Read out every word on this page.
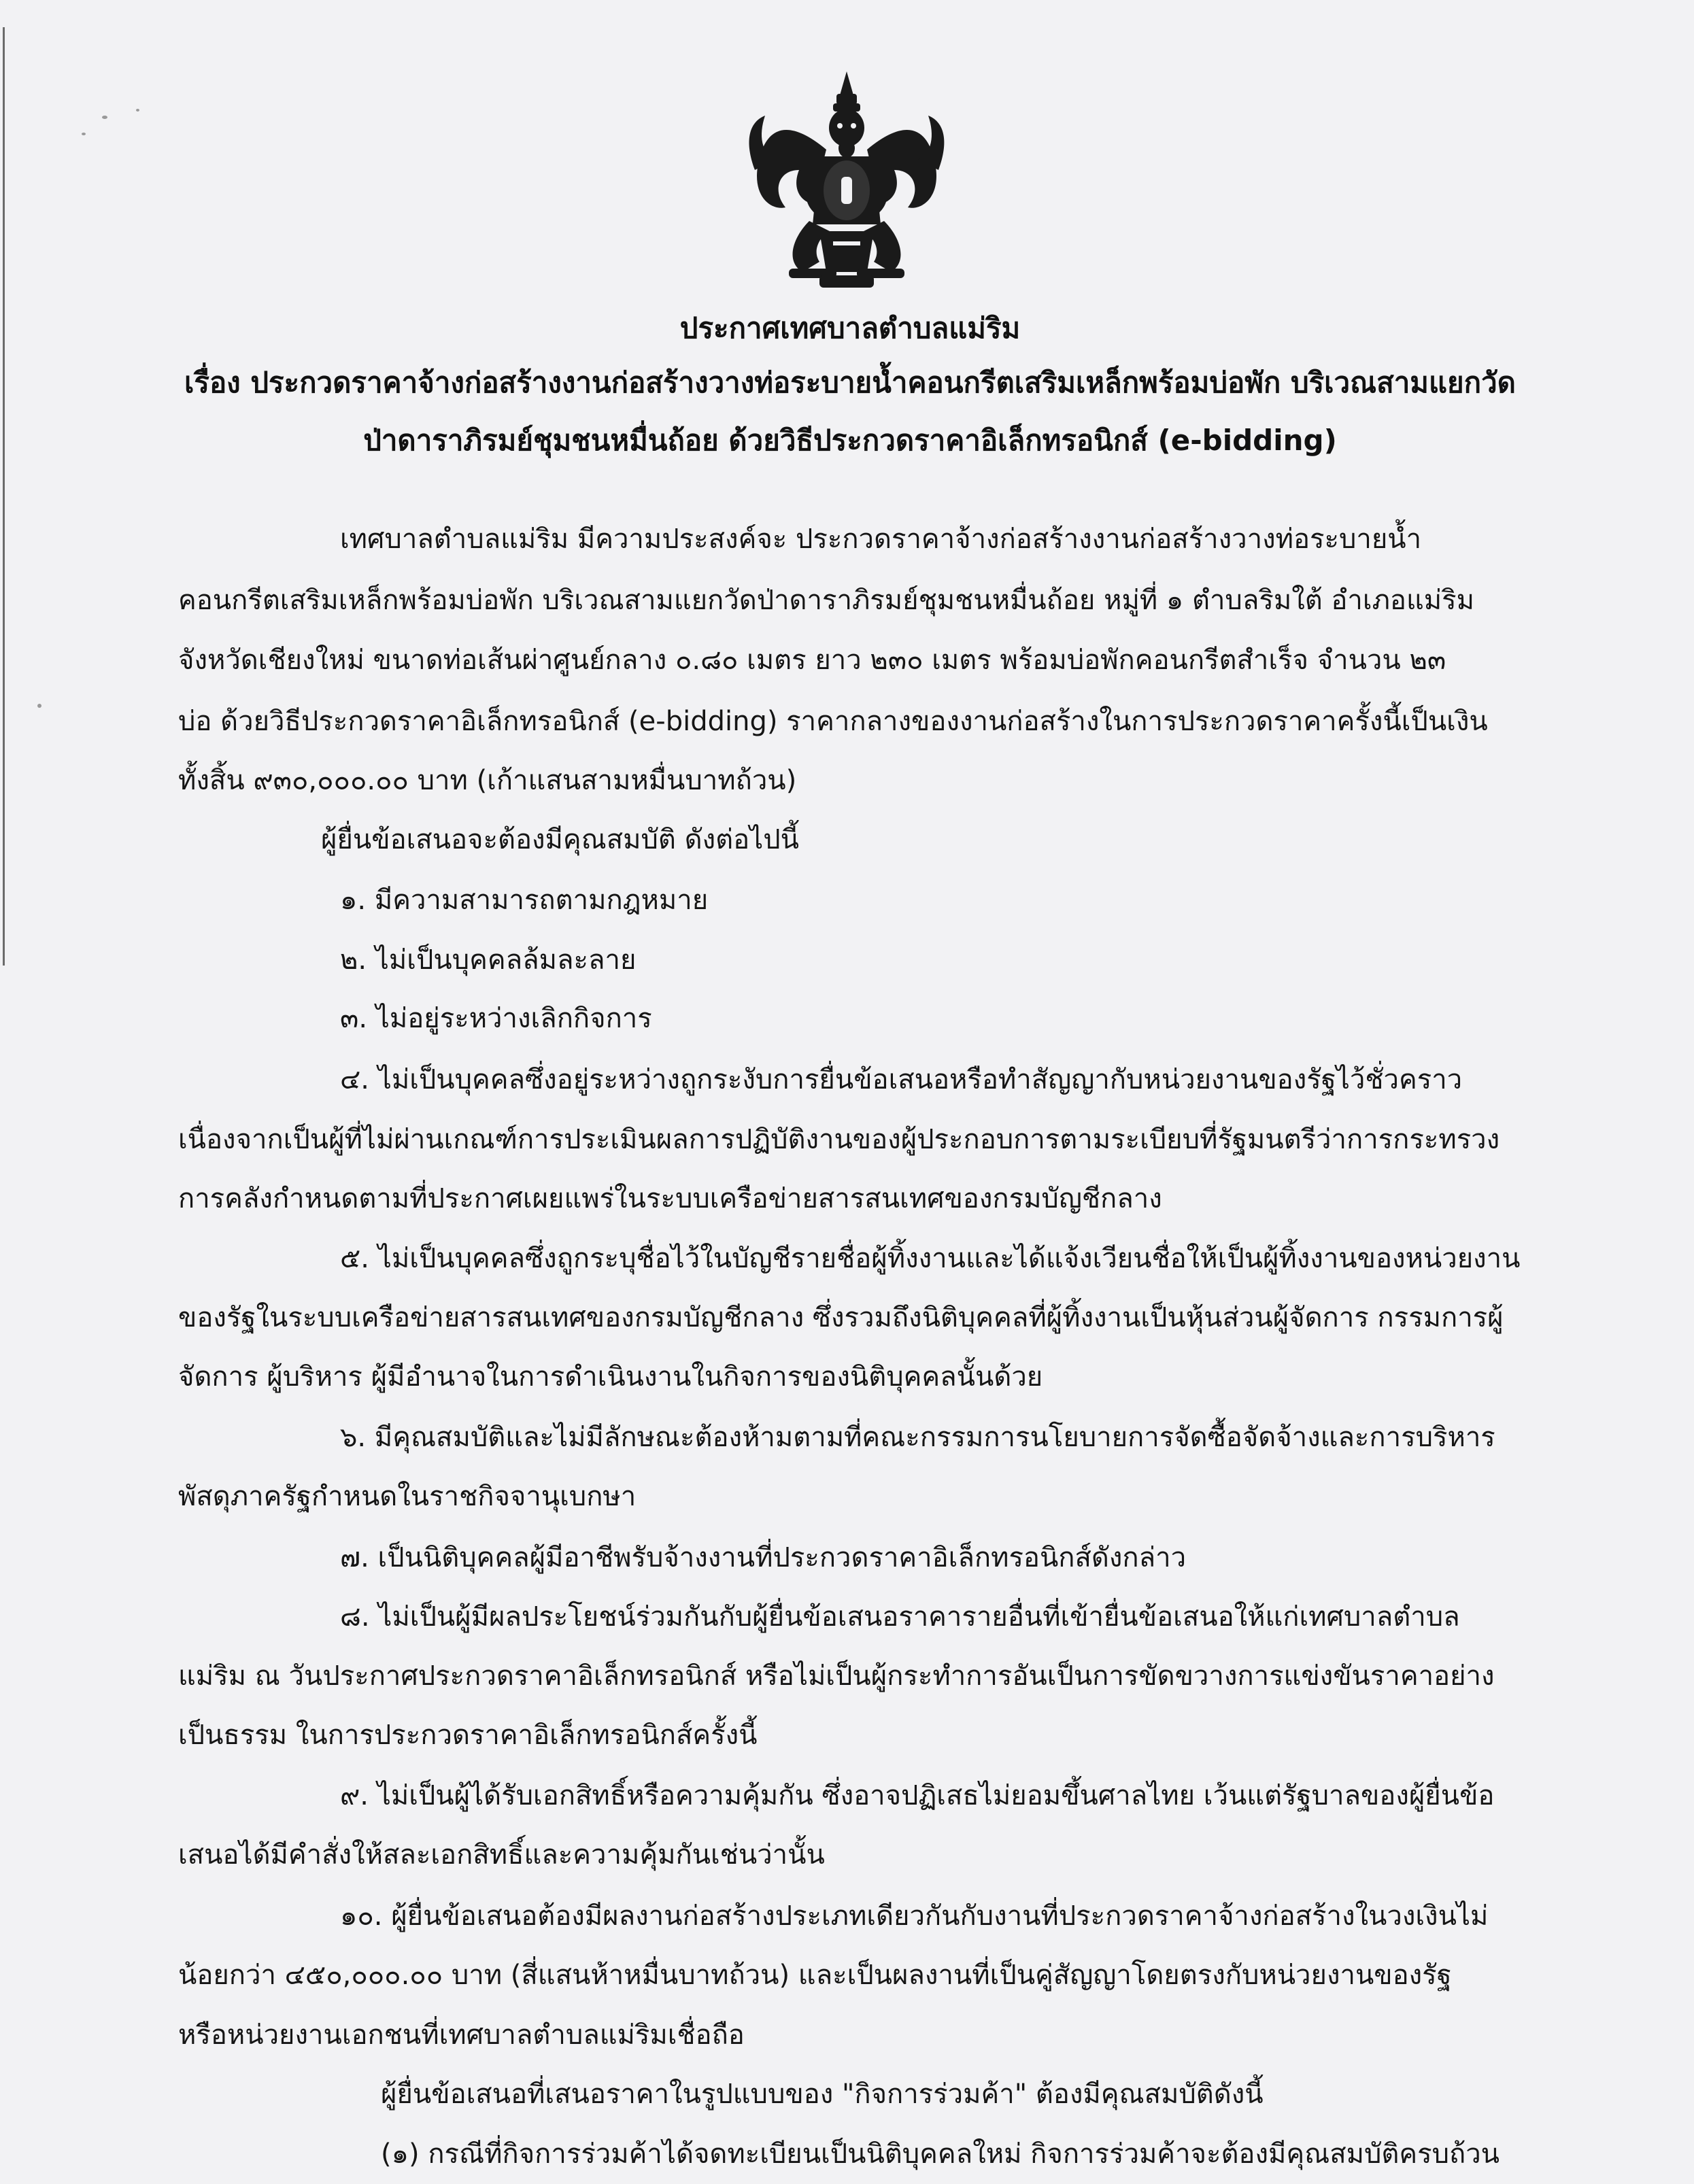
ประกาศเทศบาลตำบลแม่ริม
เรื่อง ประกวดราคาจ้างก่อสร้างงานก่อสร้างวางท่อระบายน้ำคอนกรีตเสริมเหล็กพร้อมบ่อพัก บริเวณสามแยกวัด
ป่าดาราภิรมย์ชุมชนหมื่นถ้อย ด้วยวิธีประกวดราคาอิเล็กทรอนิกส์ (e-bidding)
เทศบาลตำบลแม่ริม มีความประสงค์จะ ประกวดราคาจ้างก่อสร้างงานก่อสร้างวางท่อระบายน้ำ
คอนกรีตเสริมเหล็กพร้อมบ่อพัก บริเวณสามแยกวัดป่าดาราภิรมย์ชุมชนหมื่นถ้อย หมู่ที่ ๑ ตำบลริมใต้ อำเภอแม่ริม
จังหวัดเชียงใหม่ ขนาดท่อเส้นผ่าศูนย์กลาง ๐.๘๐ เมตร ยาว ๒๓๐ เมตร พร้อมบ่อพักคอนกรีตสำเร็จ จำนวน ๒๓
บ่อ ด้วยวิธีประกวดราคาอิเล็กทรอนิกส์ (e-bidding) ราคากลางของงานก่อสร้างในการประกวดราคาครั้งนี้เป็นเงิน
ทั้งสิ้น ๙๓๐,๐๐๐.๐๐ บาท (เก้าแสนสามหมื่นบาทถ้วน)
ผู้ยื่นข้อเสนอจะต้องมีคุณสมบัติ ดังต่อไปนี้
๑. มีความสามารถตามกฎหมาย
๒. ไม่เป็นบุคคลล้มละลาย
๓. ไม่อยู่ระหว่างเลิกกิจการ
๔. ไม่เป็นบุคคลซึ่งอยู่ระหว่างถูกระงับการยื่นข้อเสนอหรือทำสัญญากับหน่วยงานของรัฐไว้ชั่วคราว
เนื่องจากเป็นผู้ที่ไม่ผ่านเกณฑ์การประเมินผลการปฏิบัติงานของผู้ประกอบการตามระเบียบที่รัฐมนตรีว่าการกระทรวง
การคลังกำหนดตามที่ประกาศเผยแพร่ในระบบเครือข่ายสารสนเทศของกรมบัญชีกลาง
๕. ไม่เป็นบุคคลซึ่งถูกระบุชื่อไว้ในบัญชีรายชื่อผู้ทิ้งงานและได้แจ้งเวียนชื่อให้เป็นผู้ทิ้งงานของหน่วยงาน
ของรัฐในระบบเครือข่ายสารสนเทศของกรมบัญชีกลาง ซึ่งรวมถึงนิติบุคคลที่ผู้ทิ้งงานเป็นหุ้นส่วนผู้จัดการ กรรมการผู้
จัดการ ผู้บริหาร ผู้มีอำนาจในการดำเนินงานในกิจการของนิติบุคคลนั้นด้วย
๖. มีคุณสมบัติและไม่มีลักษณะต้องห้ามตามที่คณะกรรมการนโยบายการจัดซื้อจัดจ้างและการบริหาร
พัสดุภาครัฐกำหนดในราชกิจจานุเบกษา
๗. เป็นนิติบุคคลผู้มีอาชีพรับจ้างงานที่ประกวดราคาอิเล็กทรอนิกส์ดังกล่าว
๘. ไม่เป็นผู้มีผลประโยชน์ร่วมกันกับผู้ยื่นข้อเสนอราคารายอื่นที่เข้ายื่นข้อเสนอให้แก่เทศบาลตำบล
แม่ริม ณ วันประกาศประกวดราคาอิเล็กทรอนิกส์ หรือไม่เป็นผู้กระทำการอันเป็นการขัดขวางการแข่งขันราคาอย่าง
เป็นธรรม ในการประกวดราคาอิเล็กทรอนิกส์ครั้งนี้
๙. ไม่เป็นผู้ได้รับเอกสิทธิ์หรือความคุ้มกัน ซึ่งอาจปฏิเสธไม่ยอมขึ้นศาลไทย เว้นแต่รัฐบาลของผู้ยื่นข้อ
เสนอได้มีคำสั่งให้สละเอกสิทธิ์และความคุ้มกันเช่นว่านั้น
๑๐. ผู้ยื่นข้อเสนอต้องมีผลงานก่อสร้างประเภทเดียวกันกับงานที่ประกวดราคาจ้างก่อสร้างในวงเงินไม่
น้อยกว่า ๔๕๐,๐๐๐.๐๐ บาท (สี่แสนห้าหมื่นบาทถ้วน) และเป็นผลงานที่เป็นคู่สัญญาโดยตรงกับหน่วยงานของรัฐ
หรือหน่วยงานเอกชนที่เทศบาลตำบลแม่ริมเชื่อถือ
ผู้ยื่นข้อเสนอที่เสนอราคาในรูปแบบของ "กิจการร่วมค้า" ต้องมีคุณสมบัติดังนี้
(๑) กรณีที่กิจการร่วมค้าได้จดทะเบียนเป็นนิติบุคคลใหม่ กิจการร่วมค้าจะต้องมีคุณสมบัติครบถ้วน
